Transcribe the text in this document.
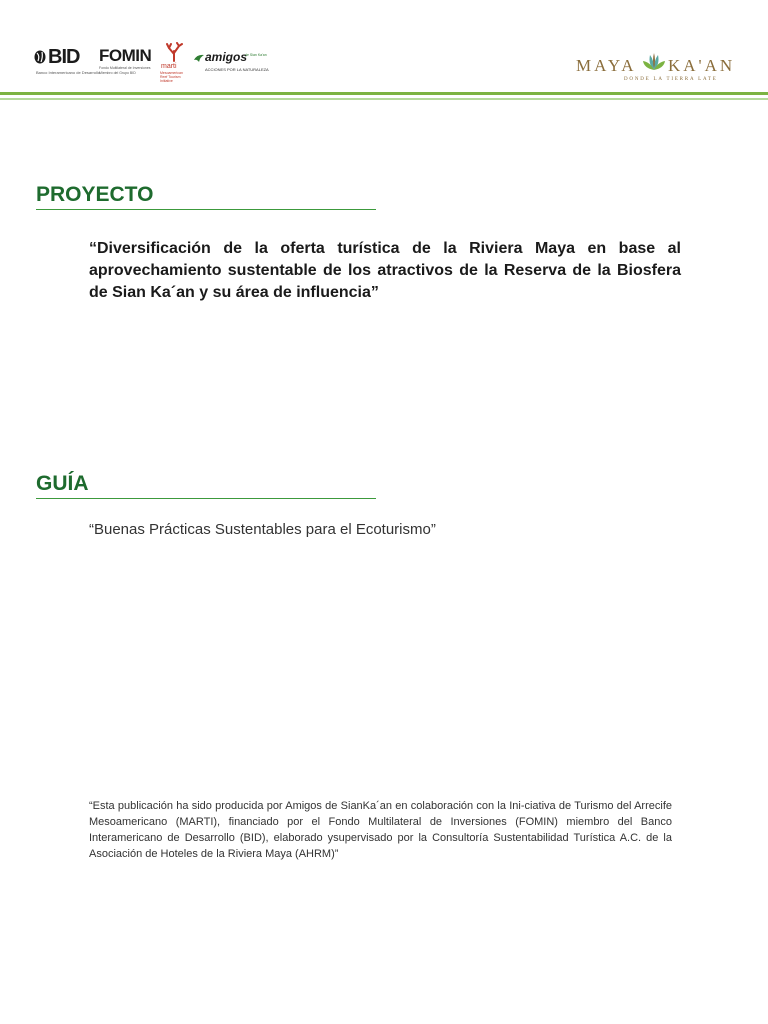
BID
Banco Interamericano de Desarrollo
FOMIN
Fondo Multilateral de Inversiones Miembro del Grupo BID
marti
Mesoamerican Reef Tourism Initiative
amigos
de Sian Ka'an
ACCIONES POR LA NATURALEZA	MAYA KA'AN
DONDE LA TIERRA LATE
PROYECTO

“Diversificación de la oferta turística de la Riviera Maya en base al aprovechamiento sustentable de los atractivos de la Reserva de la Biosfera de Sian Ka´an y su área de influencia”

GUÍA

“Buenas Prácticas Sustentables para el Ecoturismo”

“Esta publicación ha sido producida por Amigos de SianKa´an en colaboración con la Ini-ciativa de Turismo del Arrecife Mesoamericano (MARTI), financiado por el Fondo Multilateral de Inversiones (FOMIN) miembro del Banco Interamericano de Desarrollo (BID), elaborado ysupervisado por la Consultoría Sustentabilidad Turística A.C. de la Asociación de Hoteles de la Riviera Maya (AHRM)”
